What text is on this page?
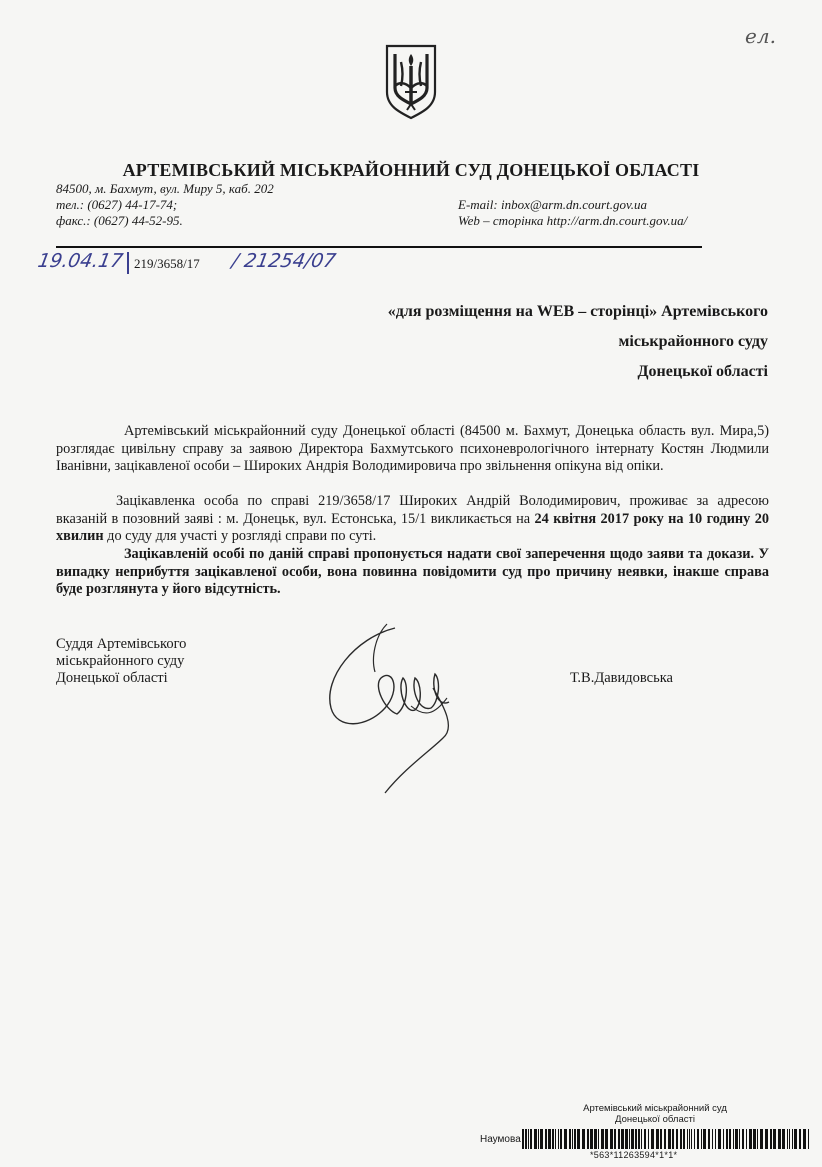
ел.
АРТЕМІВСЬКИЙ МІСЬКРАЙОННИЙ СУД ДОНЕЦЬКОЇ ОБЛАСТІ
84500, м. Бахмут, вул. Миру 5, каб. 202
тел.: (0627) 44-17-74;
факс.: (0627) 44-52-95.
E-mail: inbox@arm.dn.court.gov.ua
Web – сторінка http://arm.dn.court.gov.ua/
19.04.17 219/3658/17 / 21254/07
«для розміщення на WEB – сторінці» Артемівського
міськрайонного суду
Донецької області
Артемівський міськрайонний суду Донецької області (84500 м. Бахмут, Донецька область вул. Мира,5) розглядає цивільну справу за заявою Директора Бахмутського психоневрологічного інтернату Костян Людмили Іванівни, зацікавленої особи – Широких Андрія Володимировича про звільнення опікуна від опіки.
Зацікавленка особа по справі 219/3658/17 Широких Андрій Володимирович, проживає за адресою вказаній в позовний заяві : м. Донецьк, вул. Естонська, 15/1 викликається на 24 квітня 2017 року на 10 годину 20 хвилин до суду для участі у розгляді справи по суті.
Зацікавленій особі по даній справі пропонується надати свої заперечення щодо заяви та докази. У випадку неприбуття зацікавленої особи, вона повинна повідомити суд про причину неявки, інакше справа буде розглянута у його відсутність.
Суддя Артемівського
міськрайонного суду
Донецької області	Т.В.Давидовська
Артемівський міськрайонний суд
Донецької області
Наумова
*563*11263594*1*1*
